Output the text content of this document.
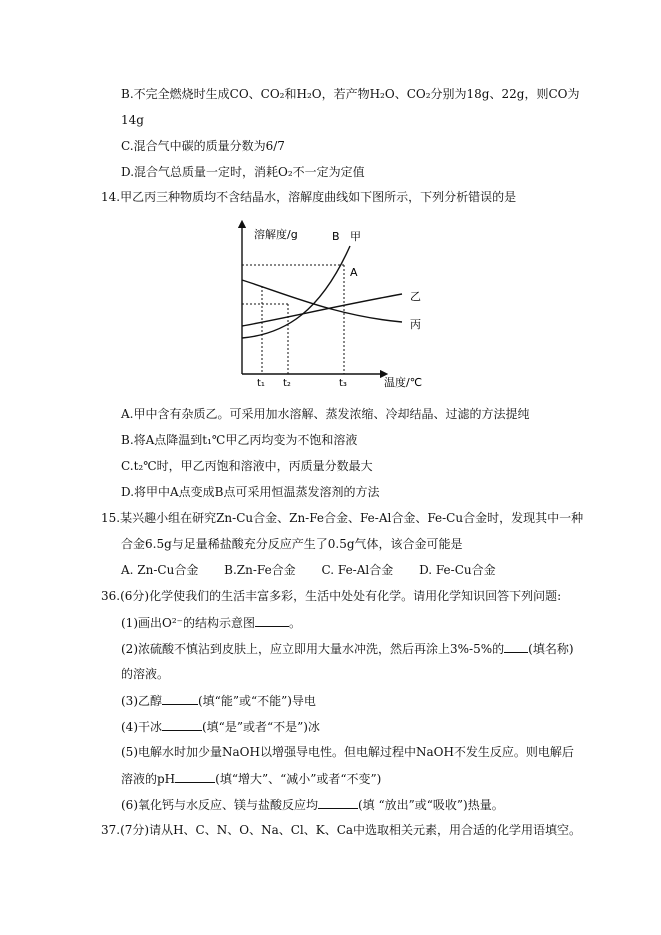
B.不完全燃烧时生成CO、CO₂和H₂O，若产物H₂O、CO₂分别为18g、22g，则CO为
14g
C.混合气中碳的质量分数为6/7
D.混合气总质量一定时，消耗O₂不一定为定值
14.甲乙丙三种物质均不含结晶水，溶解度曲线如下图所示，下列分析错误的是
溶解度/g
温度/℃
B 甲
A
乙
丙
t₁ t₂	t₃
A.甲中含有杂质乙。可采用加水溶解、蒸发浓缩、冷却结晶、过滤的方法提纯
B.将A点降温到t₁℃甲乙丙均变为不饱和溶液
C.t₂℃时，甲乙丙饱和溶液中，丙质量分数最大
D.将甲中A点变成B点可采用恒温蒸发溶剂的方法
15.某兴趣小组在研究Zn-Cu合金、Zn-Fe合金、Fe-Al合金、Fe-Cu合金时，发现其中一种
合金6.5g与足量稀盐酸充分反应产生了0.5g气体，该合金可能是
A. Zn-Cu合金 B.Zn-Fe合金 C. Fe-Al合金 D. Fe-Cu合金
36.(6分)化学使我们的生活丰富多彩，生活中处处有化学。请用化学知识回答下列问题:
(1)画出O²⁻的结构示意图	。
(2)浓硫酸不慎沾到皮肤上，应立即用大量水冲洗，然后再涂上3%-5%的 (填名称)
的溶液。
(3)乙醇	(填“能”或“不能”)导电
(4)干冰	(填“是”或者“不是”)冰
(5)电解水时加少量NaOH以增强导电性。但电解过程中NaOH不发生反应。则电解后
溶液的pH	(填“增大”、“减小”或者“不变”)
(6)氧化钙与水反应、镁与盐酸反应均	(填 “放出”或“吸收”)热量。
37.(7分)请从H、C、N、O、Na、Cl、K、Ca中选取相关元素，用合适的化学用语填空。
